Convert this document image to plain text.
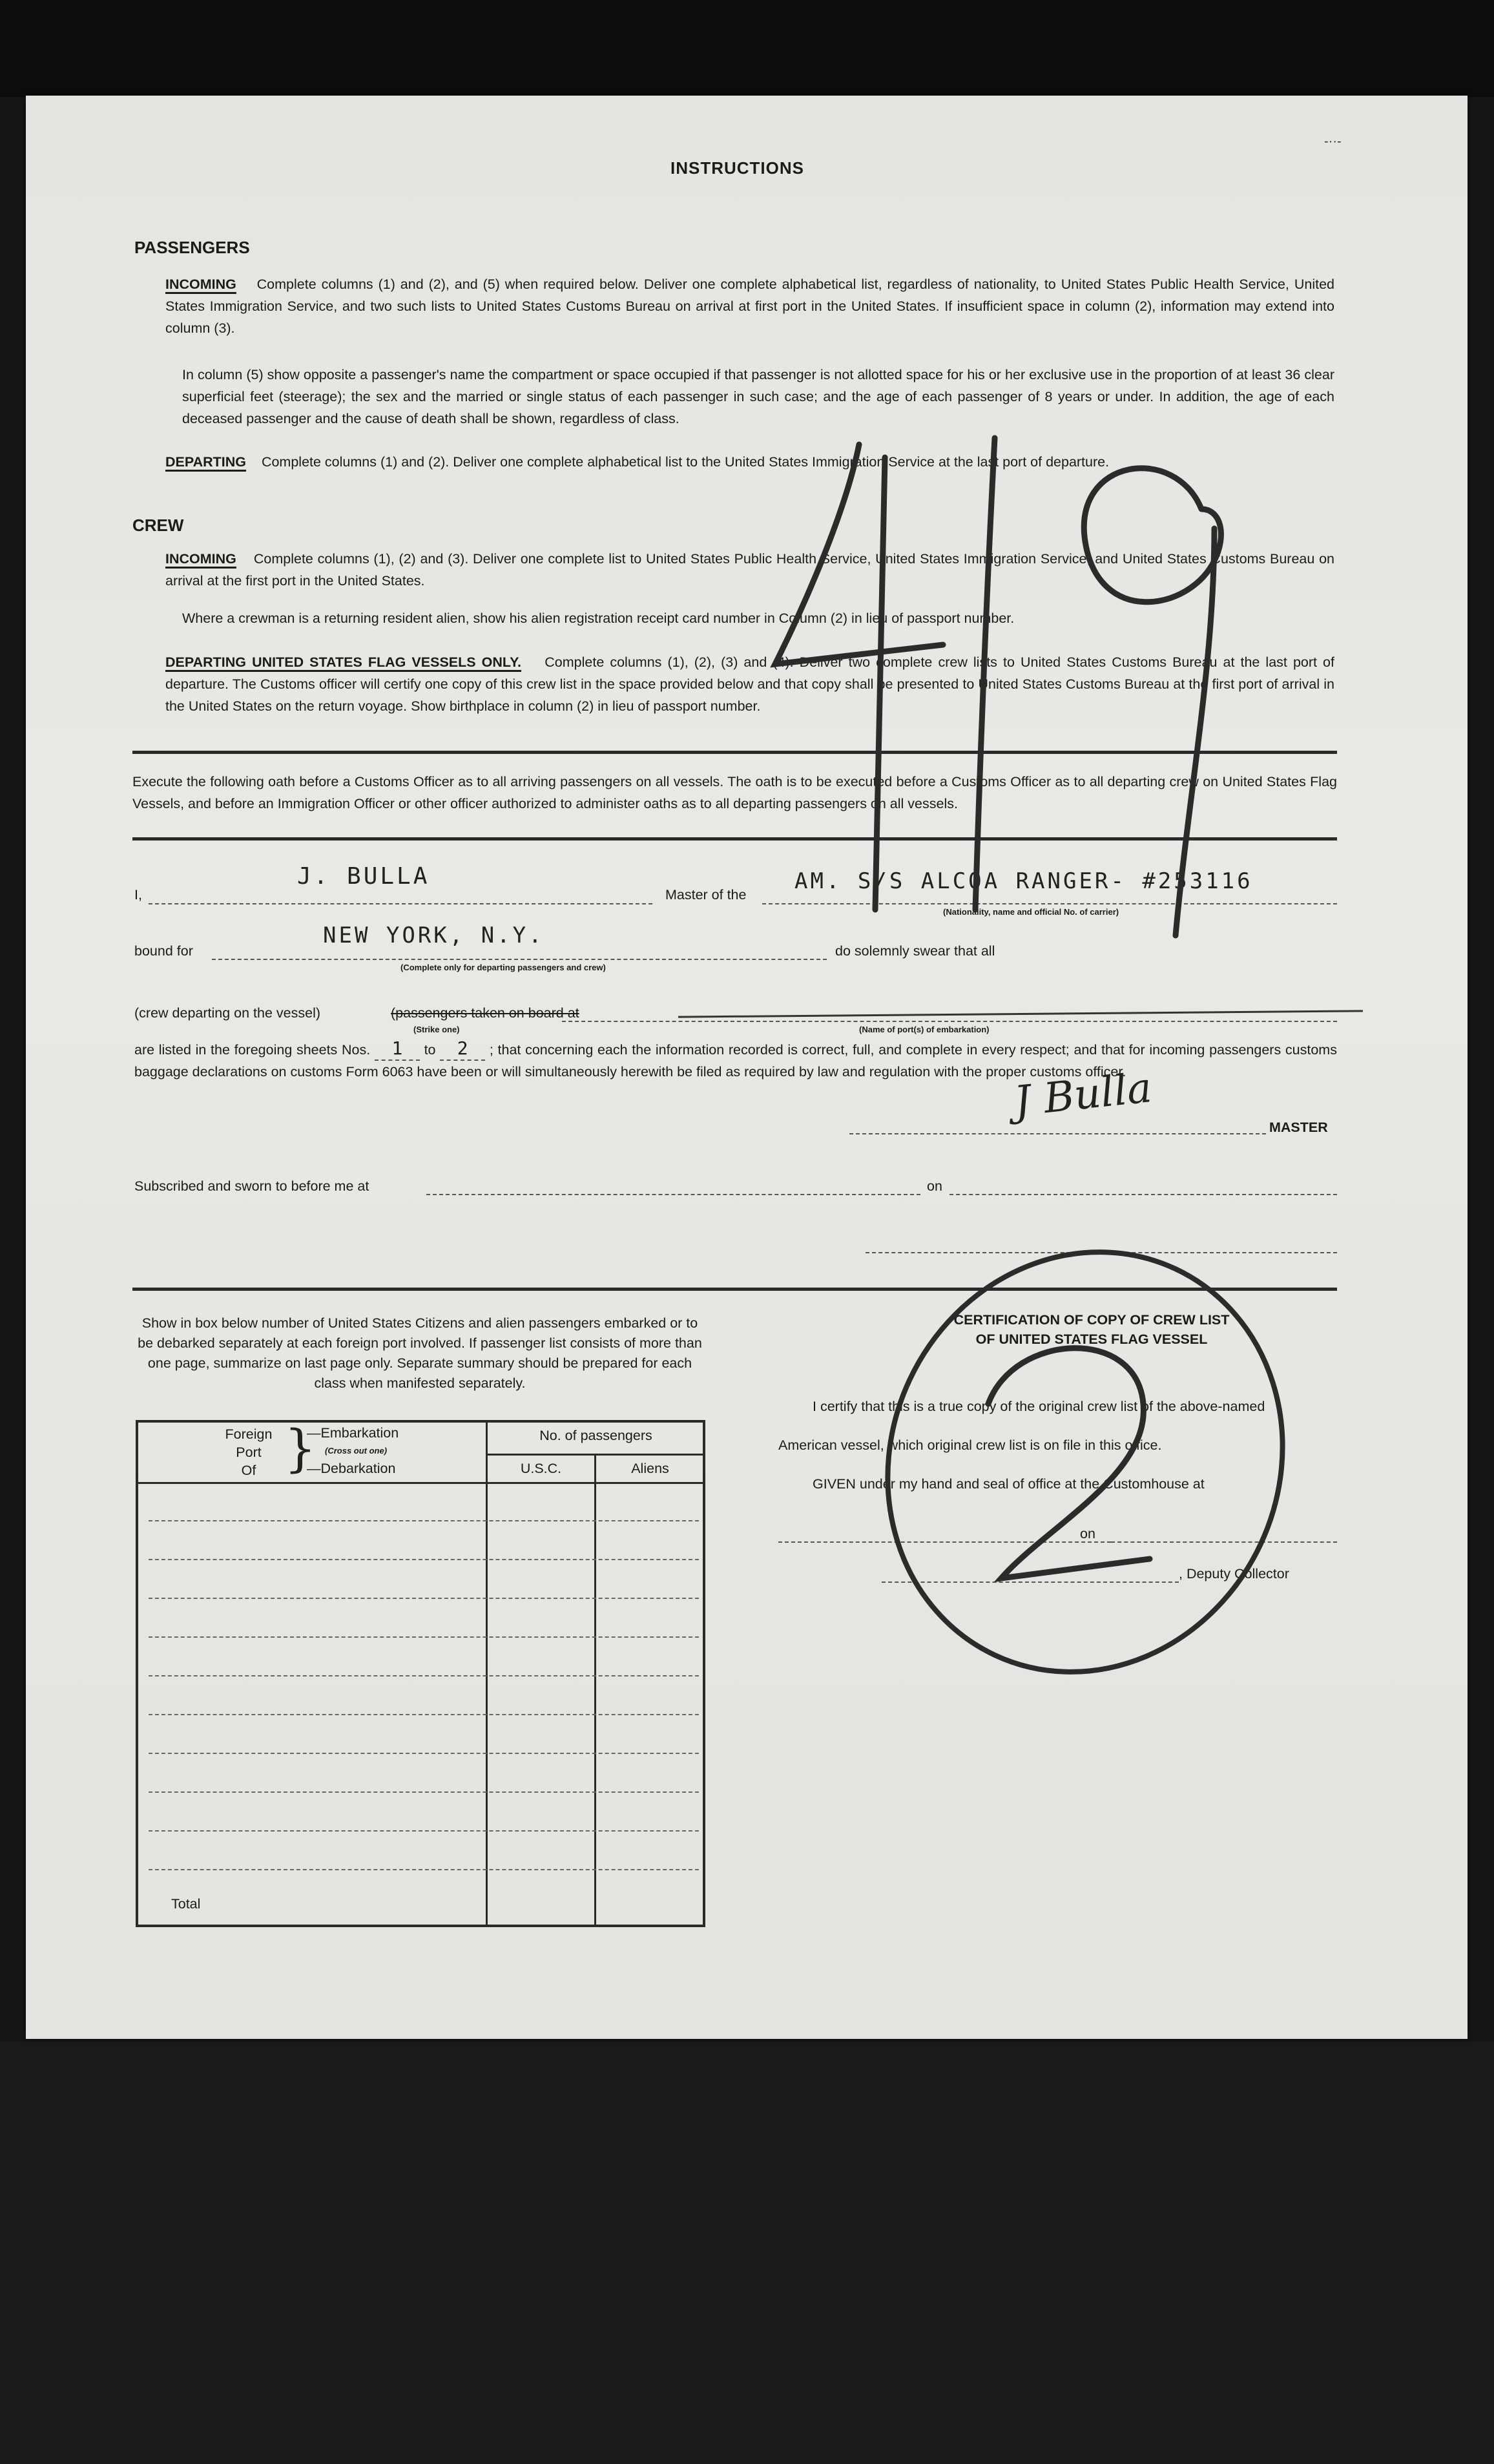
-··-
INSTRUCTIONS
PASSENGERS
INCOMING Complete columns (1) and (2), and (5) when required below. Deliver one complete alphabetical list, regardless of nationality, to United States Public Health Service, United States Immigration Service, and two such lists to United States Customs Bureau on arrival at first port in the United States. If insufficient space in column (2), information may extend into column (3).
In column (5) show opposite a passenger's name the compartment or space occupied if that passenger is not allotted space for his or her exclusive use in the proportion of at least 36 clear superficial feet (steerage); the sex and the married or single status of each passenger in such case; and the age of each passenger of 8 years or under. In addition, the age of each deceased passenger and the cause of death shall be shown, regardless of class.
DEPARTING Complete columns (1) and (2). Deliver one complete alphabetical list to the United States Immigration Service at the last port of departure.
CREW
INCOMING Complete columns (1), (2) and (3). Deliver one complete list to United States Public Health Service, United States Immigration Service, and United States Customs Bureau on arrival at the first port in the United States.
Where a crewman is a returning resident alien, show his alien registration receipt card number in Column (2) in lieu of passport number.
DEPARTING UNITED STATES FLAG VESSELS ONLY. Complete columns (1), (2), (3) and (4). Deliver two complete crew lists to United States Customs Bureau at the last port of departure. The Customs officer will certify one copy of this crew list in the space provided below and that copy shall be presented to United States Customs Bureau at the first port of arrival in the United States on the return voyage. Show birthplace in column (2) in lieu of passport number.
Execute the following oath before a Customs Officer as to all arriving passengers on all vessels. The oath is to be executed before a Customs Officer as to all departing crew on United States Flag Vessels, and before an Immigration Officer or other officer authorized to administer oaths as to all departing passengers on all vessels.
I,
J. BULLA
Master of the
AM. S/S ALCOA RANGER- #253116
(Nationality, name and official No. of carrier)
bound for
NEW YORK, N.Y.
(Complete only for departing passengers and crew)
do solemnly swear that all
(crew departing on the vessel)	(passengers taken on board at
(Strike one)	(Name of port(s) of embarkation)
are listed in the foregoing sheets Nos. 1 to 2 ; that concerning each the information recorded is correct, full, and complete in every respect; and that for incoming passengers customs baggage declarations on customs Form 6063 have been or will simultaneously herewith be filed as required by law and regulation with the proper customs officer.
J Bulla
MASTER
Subscribed and sworn to before me at	on
Show in box below number of United States Citizens and alien passengers embarked or to be debarked separately at each foreign port involved. If passenger list consists of more than one page, summarize on last page only. Separate summary should be prepared for each class when manifested separately.
Foreign
Port
Of }
—Embarkation
(Cross out one)
—Debarkation
No. of passengers
U.S.C.	Aliens
Total
CERTIFICATION OF COPY OF CREW LIST
OF UNITED STATES FLAG VESSEL
I certify that this is a true copy of the original crew list of the above-named
American vessel, which original crew list is on file in this office.
GIVEN under my hand and seal of office at the Customhouse at
on
, Deputy Collector
